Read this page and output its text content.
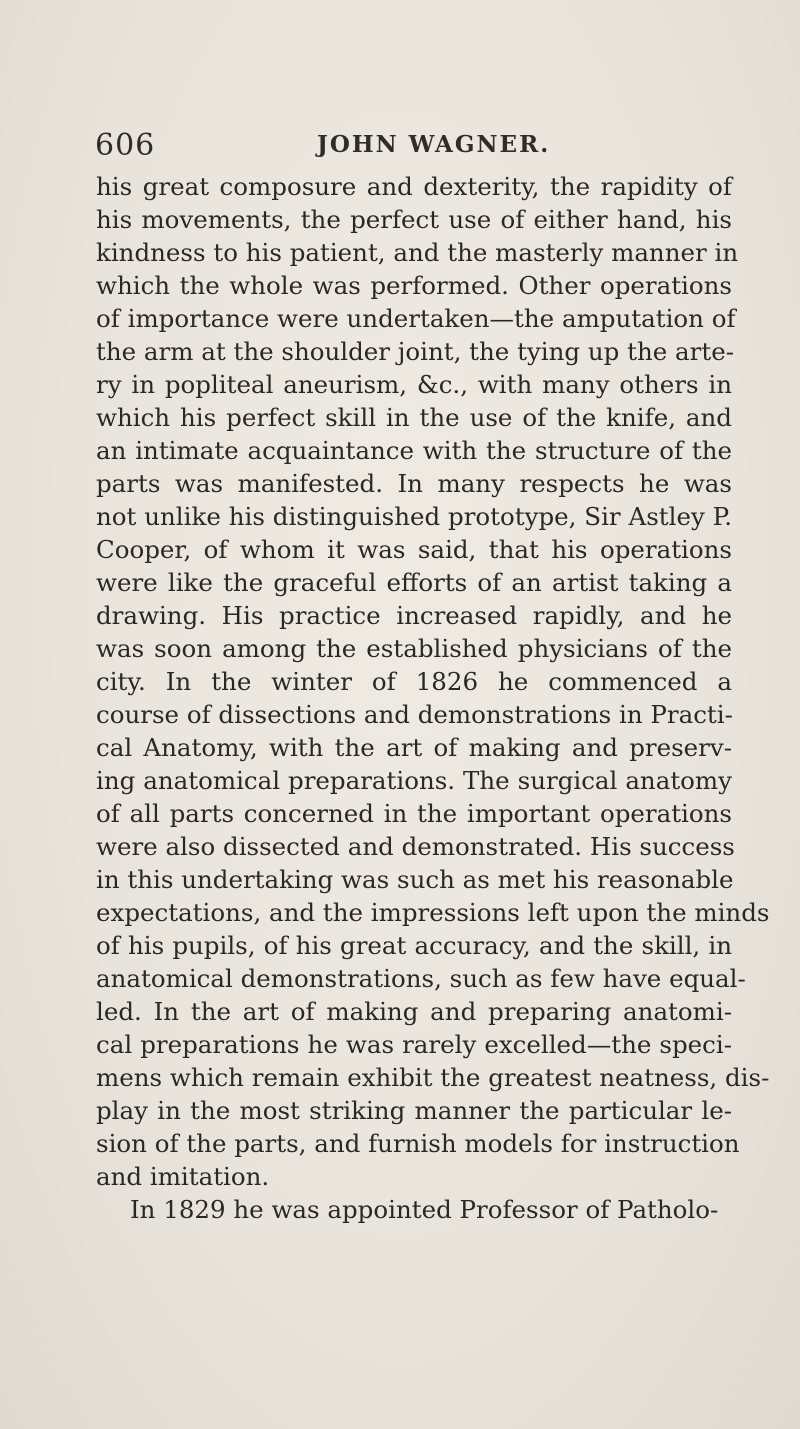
606	JOHN WAGNER.
his great composure and dexterity, the rapidity of
his movements, the perfect use of either hand, his
kindness to his patient, and the masterly manner in
which the whole was performed. Other operations
of importance were undertaken—the amputation of
the arm at the shoulder joint, the tying up the arte-
ry in popliteal aneurism, &c., with many others in
which his perfect skill in the use of the knife, and
an intimate acquaintance with the structure of the
parts was manifested. In many respects he was
not unlike his distinguished prototype, Sir Astley P.
Cooper, of whom it was said, that his operations
were like the graceful efforts of an artist taking a
drawing. His practice increased rapidly, and he
was soon among the established physicians of the
city. In the winter of 1826 he commenced a
course of dissections and demonstrations in Practi-
cal Anatomy, with the art of making and preserv-
ing anatomical preparations. The surgical anatomy
of all parts concerned in the important operations
were also dissected and demonstrated. His success
in this undertaking was such as met his reasonable
expectations, and the impressions left upon the minds
of his pupils, of his great accuracy, and the skill, in
anatomical demonstrations, such as few have equal-
led. In the art of making and preparing anatomi-
cal preparations he was rarely excelled—the speci-
mens which remain exhibit the greatest neatness, dis-
play in the most striking manner the particular le-
sion of the parts, and furnish models for instruction
and imitation.
In 1829 he was appointed Professor of Patholo-
